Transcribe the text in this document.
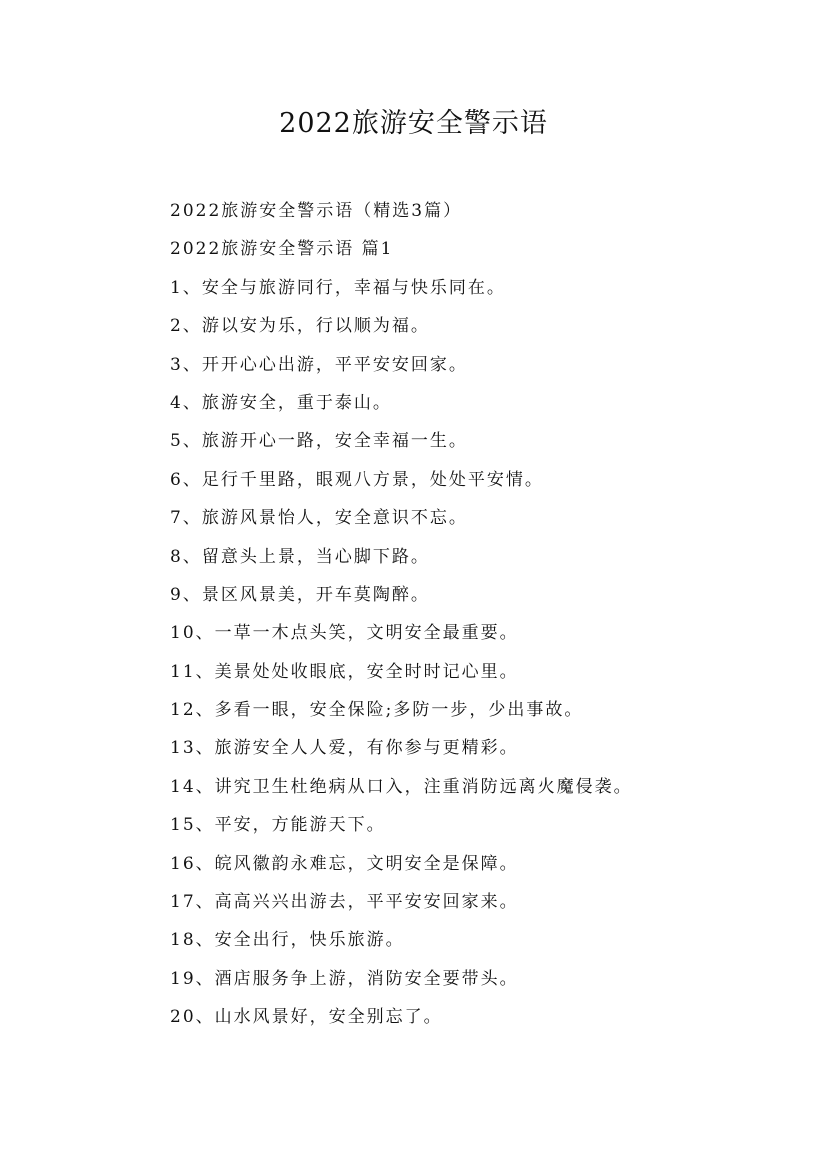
2022旅游安全警示语

2022旅游安全警示语（精选3篇）

2022旅游安全警示语 篇1

1、安全与旅游同行，幸福与快乐同在。

2、游以安为乐，行以顺为福。

3、开开心心出游，平平安安回家。

4、旅游安全，重于泰山。

5、旅游开心一路，安全幸福一生。

6、足行千里路，眼观八方景，处处平安情。

7、旅游风景怡人，安全意识不忘。

8、留意头上景，当心脚下路。

9、景区风景美，开车莫陶醉。

10、一草一木点头笑，文明安全最重要。

11、美景处处收眼底，安全时时记心里。

12、多看一眼，安全保险;多防一步，少出事故。

13、旅游安全人人爱，有你参与更精彩。

14、讲究卫生杜绝病从口入，注重消防远离火魔侵袭。

15、平安，方能游天下。

16、皖风徽韵永难忘，文明安全是保障。

17、高高兴兴出游去，平平安安回家来。

18、安全出行，快乐旅游。

19、酒店服务争上游，消防安全要带头。

20、山水风景好，安全别忘了。
